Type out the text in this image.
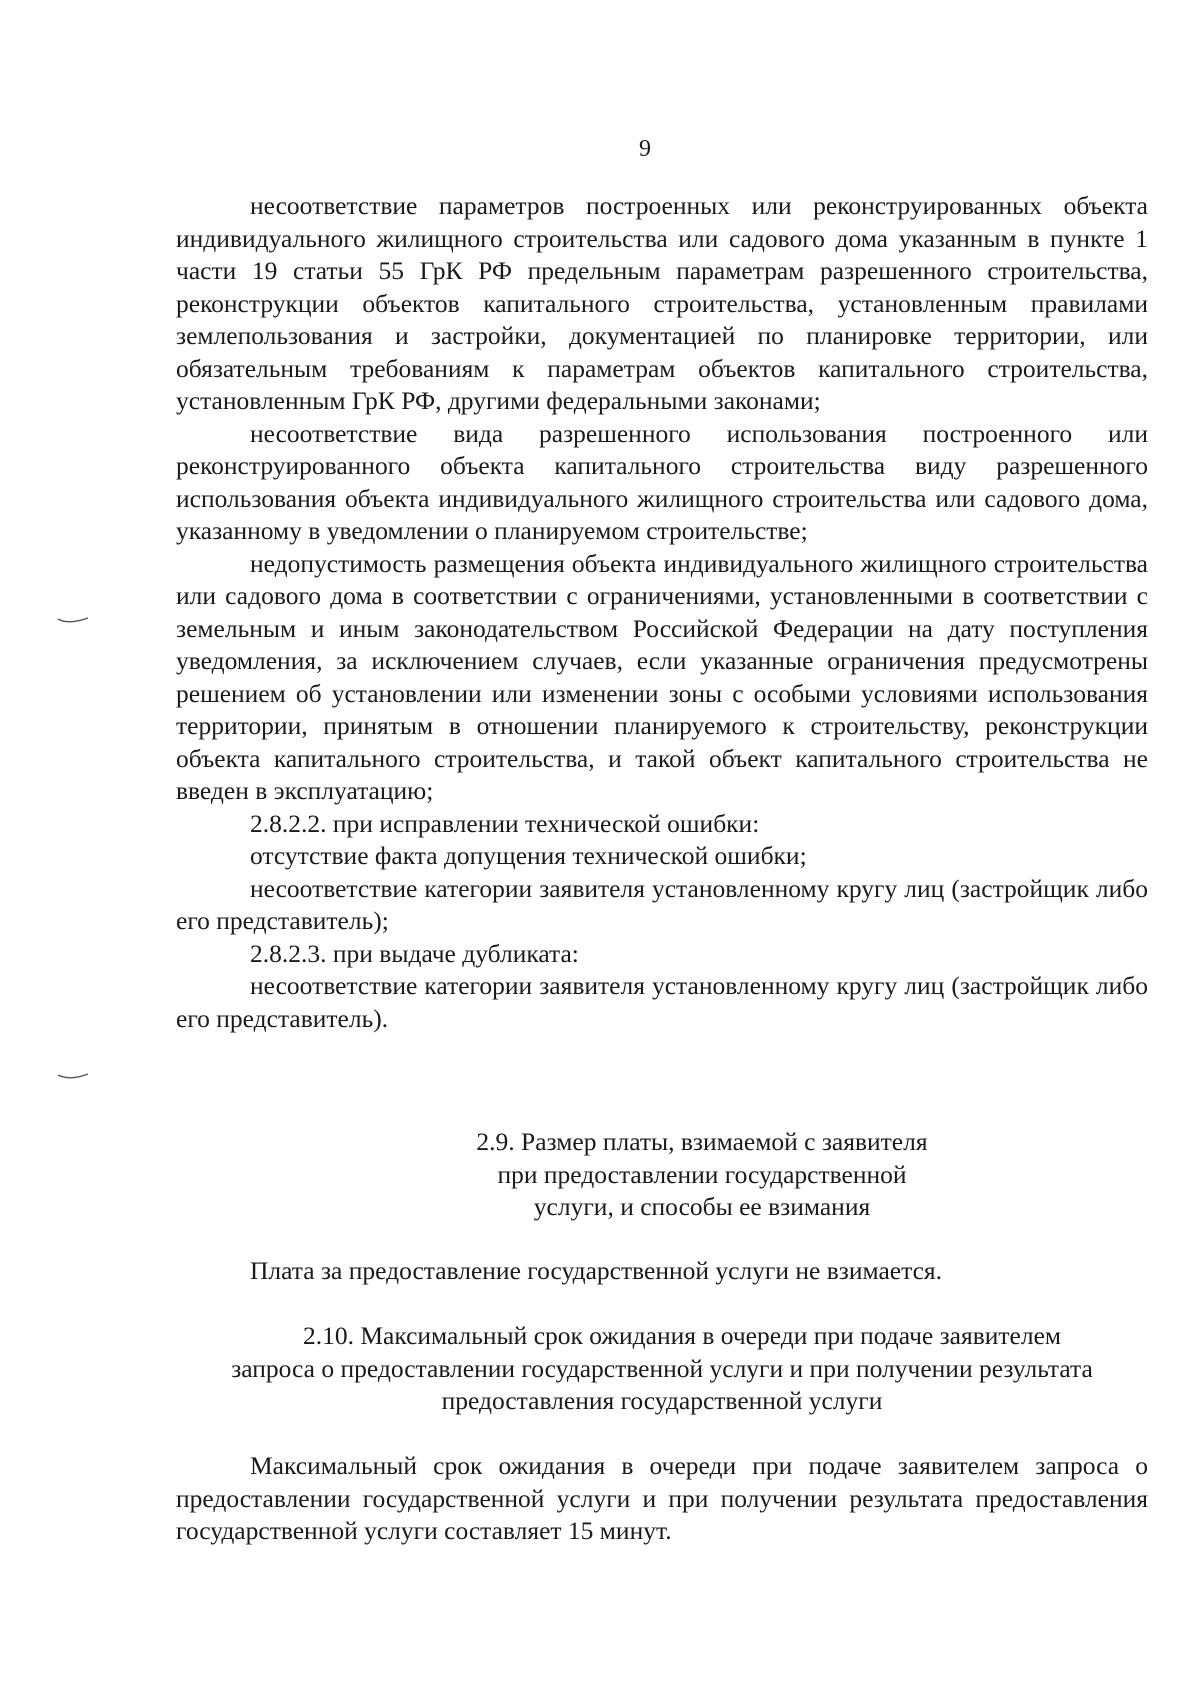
9

несоответствие параметров построенных или реконструированных объекта индивидуального жилищного строительства или садового дома указанным в пункте 1 части 19 статьи 55 ГрК РФ предельным параметрам разрешенного строительства, реконструкции объектов капитального строительства, установленным правилами землепользования и застройки, документацией по планировке территории, или обязательным требованиям к параметрам объектов капитального строительства, установленным ГрК РФ, другими федеральными законами;

несоответствие вида разрешенного использования построенного или реконструированного объекта капитального строительства виду разрешенного использования объекта индивидуального жилищного строительства или садового дома, указанному в уведомлении о планируемом строительстве;

недопустимость размещения объекта индивидуального жилищного строительства или садового дома в соответствии с ограничениями, установленными в соответствии с земельным и иным законодательством Российской Федерации на дату поступления уведомления, за исключением случаев, если указанные ограничения предусмотрены решением об установлении или изменении зоны с особыми условиями использования территории, принятым в отношении планируемого к строительству, реконструкции объекта капитального строительства, и такой объект капитального строительства не введен в эксплуатацию;

2.8.2.2. при исправлении технической ошибки:

отсутствие факта допущения технической ошибки;

несоответствие категории заявителя установленному кругу лиц (застройщик либо его представитель);

2.8.2.3. при выдаче дубликата:

несоответствие категории заявителя установленному кругу лиц (застройщик либо его представитель).

2.9. Размер платы, взимаемой с заявителя
при предоставлении государственной
услуги, и способы ее взимания

Плата за предоставление государственной услуги не взимается.

2.10. Максимальный срок ожидания в очереди при подаче заявителем
запроса о предоставлении государственной услуги и при получении результата
предоставления государственной услуги

Максимальный срок ожидания в очереди при подаче заявителем запроса о предоставлении государственной услуги и при получении результата предоставления государственной услуги составляет 15 минут.
